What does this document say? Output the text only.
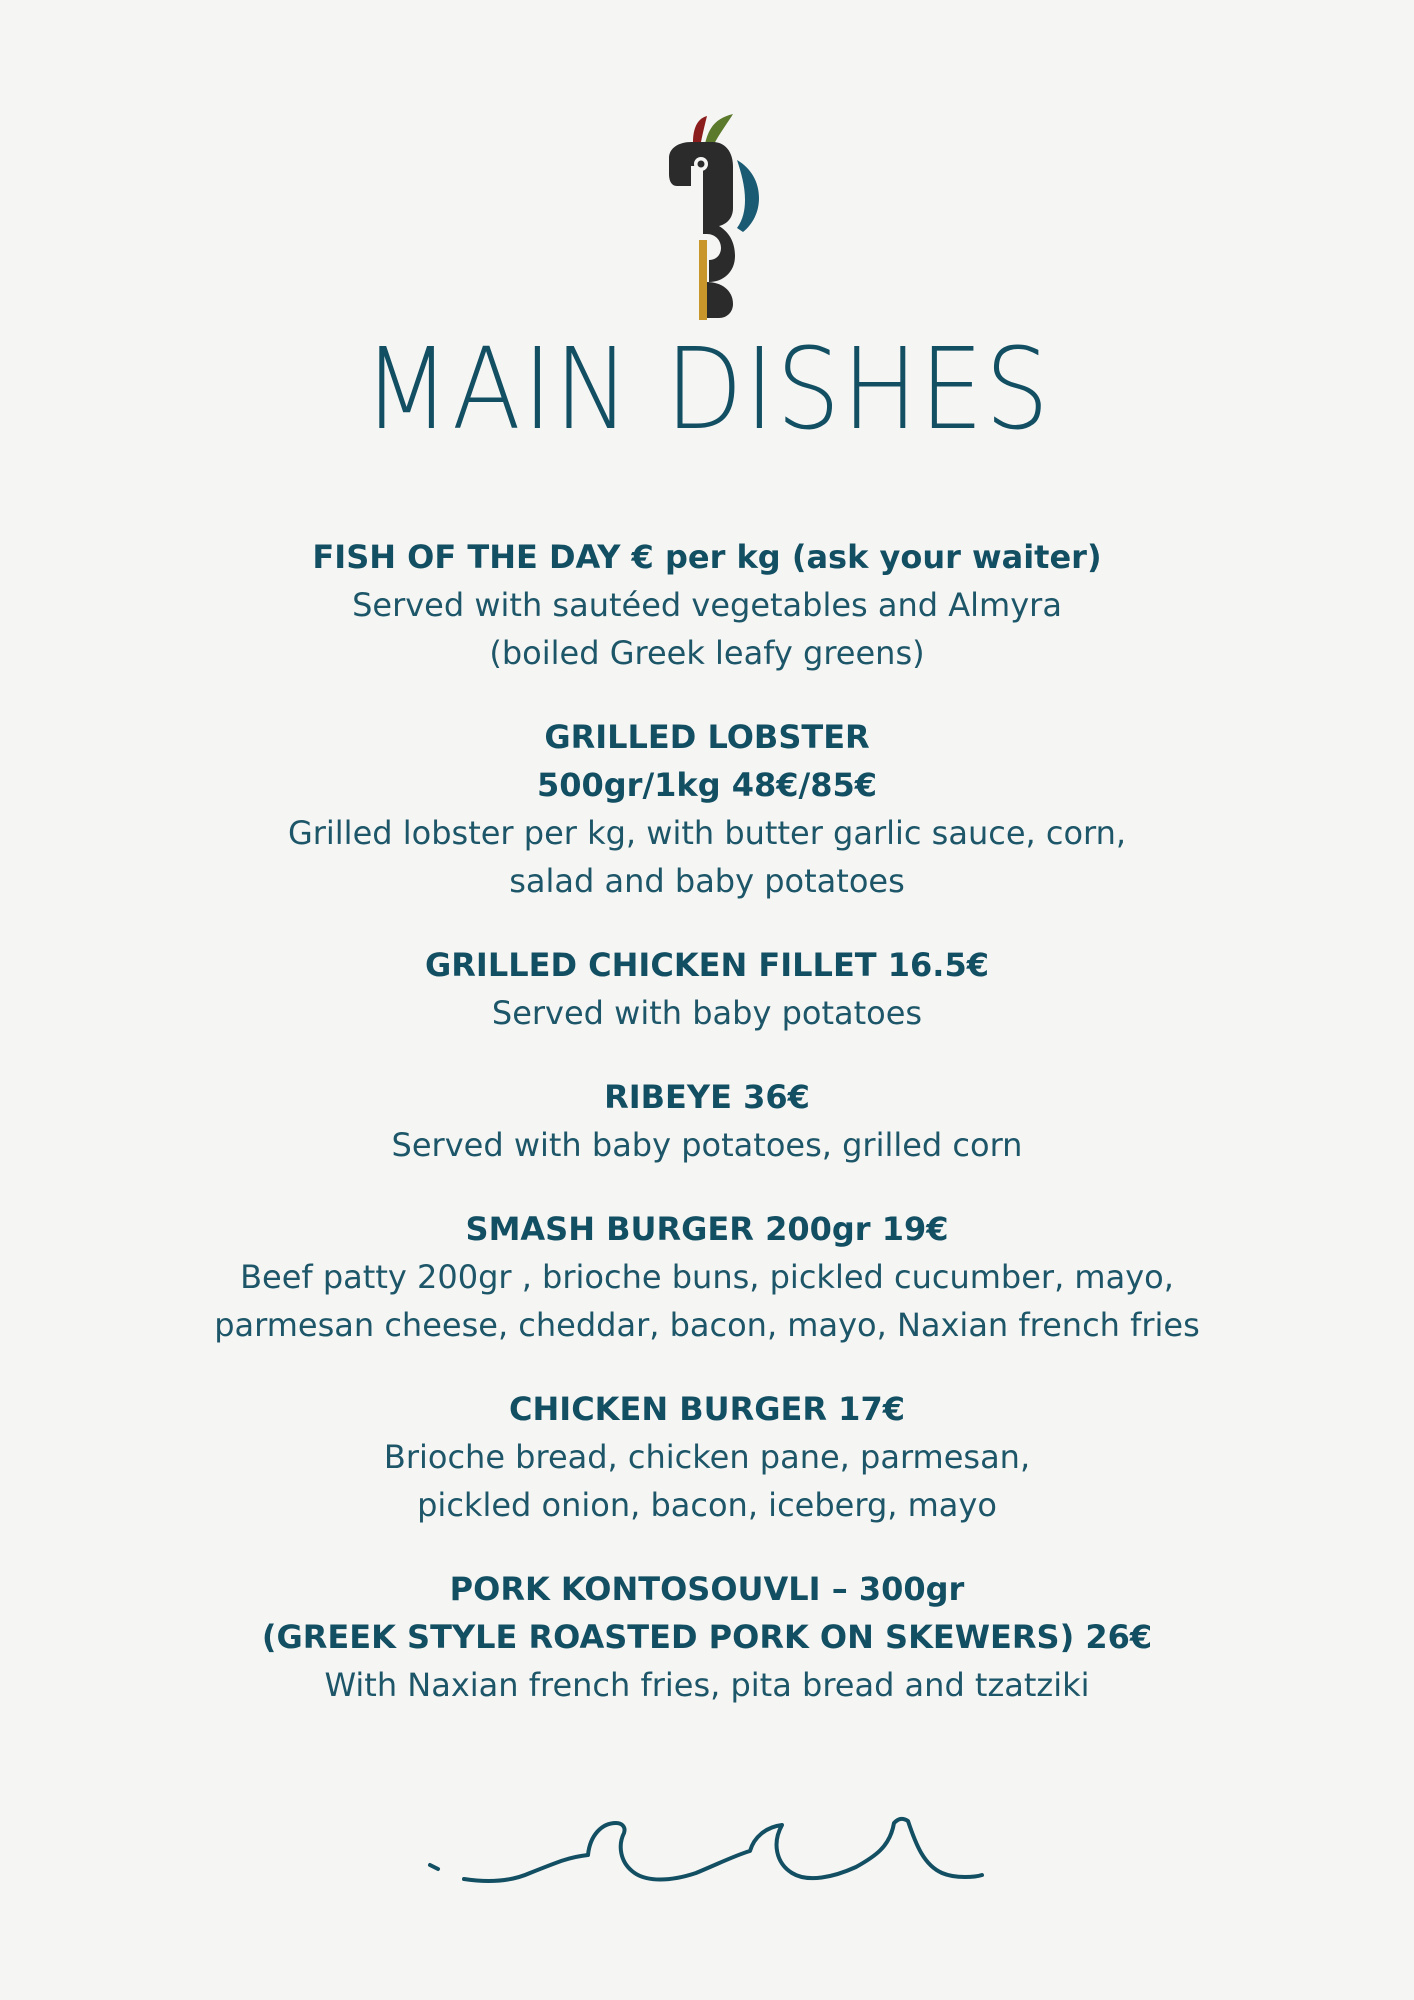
MAIN DISHES
FISH OF THE DAY € per kg (ask your waiter)
Served with sautéed vegetables and Almyra
(boiled Greek leafy greens)
GRILLED LOBSTER
500gr/1kg 48€/85€
Grilled lobster per kg, with butter garlic sauce, corn,
salad and baby potatoes
GRILLED CHICKEN FILLET 16.5€
Served with baby potatoes
RIBEYE 36€
Served with baby potatoes, grilled corn
SMASH BURGER 200gr 19€
Beef patty 200gr , brioche buns, pickled cucumber, mayo,
parmesan cheese, cheddar, bacon, mayo, Naxian french fries
CHICKEN BURGER 17€
Brioche bread, chicken pane, parmesan,
pickled onion, bacon, iceberg, mayo
PORK KONTOSOUVLI – 300gr
(GREEK STYLE ROASTED PORK ON SKEWERS) 26€
With Naxian french fries, pita bread and tzatziki
